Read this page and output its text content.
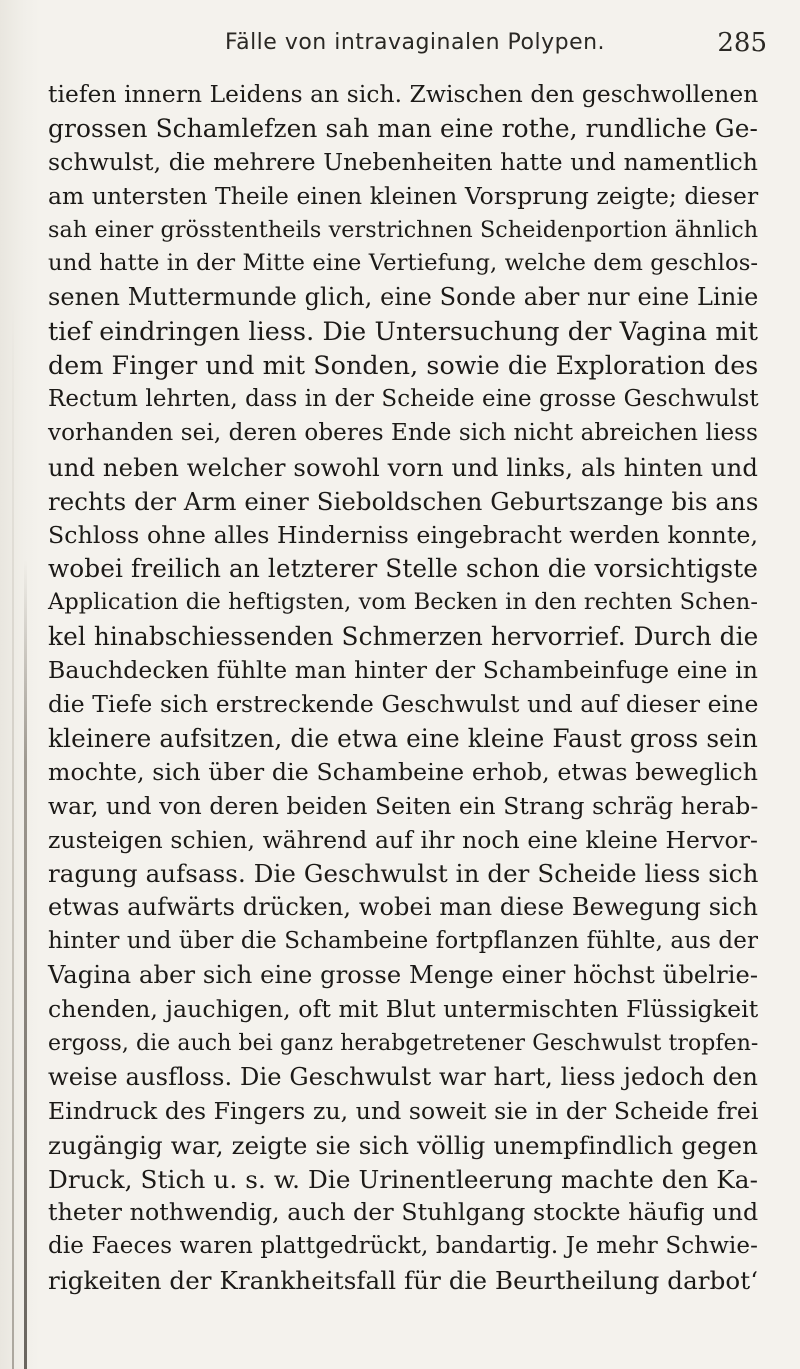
Fälle von intravaginalen Polypen.	285
tiefen innern Leidens an sich. Zwischen den geschwollenen
grossen Schamlefzen sah man eine rothe, rundliche Ge-
schwulst, die mehrere Unebenheiten hatte und namentlich
am untersten Theile einen kleinen Vorsprung zeigte; dieser
sah einer grösstentheils verstrichnen Scheidenportion ähnlich
und hatte in der Mitte eine Vertiefung, welche dem geschlos-
senen Muttermunde glich, eine Sonde aber nur eine Linie
tief eindringen liess. Die Untersuchung der Vagina mit
dem Finger und mit Sonden, sowie die Exploration des
Rectum lehrten, dass in der Scheide eine grosse Geschwulst
vorhanden sei, deren oberes Ende sich nicht abreichen liess
und neben welcher sowohl vorn und links, als hinten und
rechts der Arm einer Sieboldschen Geburtszange bis ans
Schloss ohne alles Hinderniss eingebracht werden konnte,
wobei freilich an letzterer Stelle schon die vorsichtigste
Application die heftigsten, vom Becken in den rechten Schen-
kel hinabschiessenden Schmerzen hervorrief. Durch die
Bauchdecken fühlte man hinter der Schambeinfuge eine in
die Tiefe sich erstreckende Geschwulst und auf dieser eine
kleinere aufsitzen, die etwa eine kleine Faust gross sein
mochte, sich über die Schambeine erhob, etwas beweglich
war, und von deren beiden Seiten ein Strang schräg herab-
zusteigen schien, während auf ihr noch eine kleine Hervor-
ragung aufsass. Die Geschwulst in der Scheide liess sich
etwas aufwärts drücken, wobei man diese Bewegung sich
hinter und über die Schambeine fortpflanzen fühlte, aus der
Vagina aber sich eine grosse Menge einer höchst übelrie-
chenden, jauchigen, oft mit Blut untermischten Flüssigkeit
ergoss, die auch bei ganz herabgetretener Geschwulst tropfen-
weise ausfloss. Die Geschwulst war hart, liess jedoch den
Eindruck des Fingers zu, und soweit sie in der Scheide frei
zugängig war, zeigte sie sich völlig unempfindlich gegen
Druck, Stich u. s. w. Die Urinentleerung machte den Ka-
theter nothwendig, auch der Stuhlgang stockte häufig und
die Faeces waren plattgedrückt, bandartig. Je mehr Schwie-
rigkeiten der Krankheitsfall für die Beurtheilung darbot‘
